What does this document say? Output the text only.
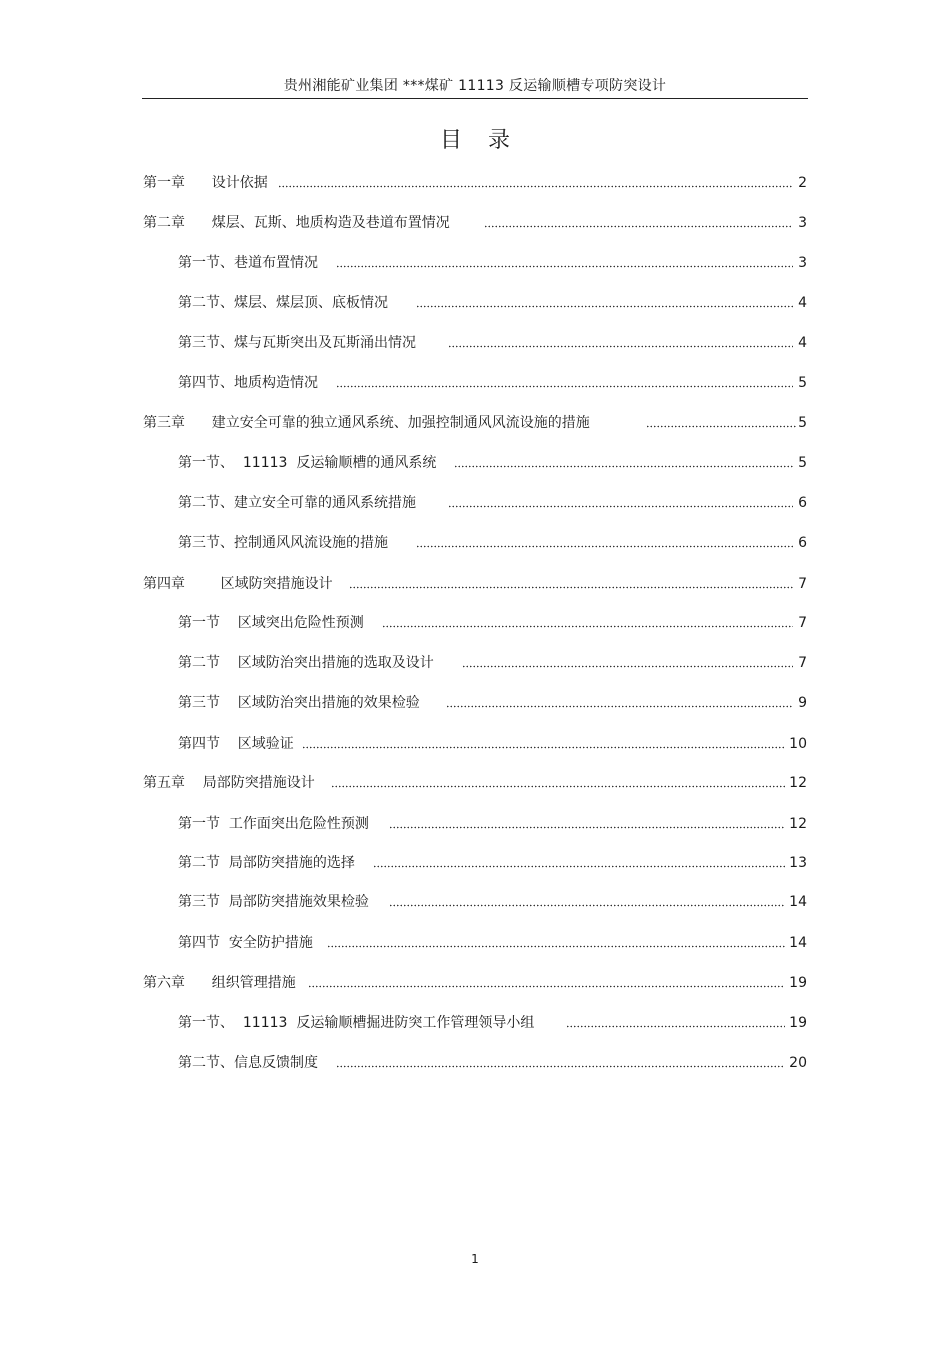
贵州湘能矿业集团 ***煤矿 11113 反运输顺槽专项防突设计
目 录
第一章      设计依据	2
第二章      煤层、瓦斯、地质构造及巷道布置情况	3
第一节、巷道布置情况	3
第二节、煤层、煤层顶、底板情况	4
第三节、煤与瓦斯突出及瓦斯涌出情况	4
第四节、地质构造情况	5
第三章      建立安全可靠的独立通风系统、加强控制通风风流设施的措施	5
第一节、  11113  反运输顺槽的通风系统	5
第二节、建立安全可靠的通风系统措施	6
第三节、控制通风风流设施的措施	6
第四章        区域防突措施设计	7
第一节    区域突出危险性预测	7
第二节    区域防治突出措施的选取及设计	7
第三节    区域防治突出措施的效果检验	9
第四节    区域验证	10
第五章    局部防突措施设计	12
第一节  工作面突出危险性预测	12
第二节  局部防突措施的选择	13
第三节  局部防突措施效果检验	14
第四节  安全防护措施	14
第六章      组织管理措施	19
第一节、  11113  反运输顺槽掘进防突工作管理领导小组	19
第二节、信息反馈制度	20
1
